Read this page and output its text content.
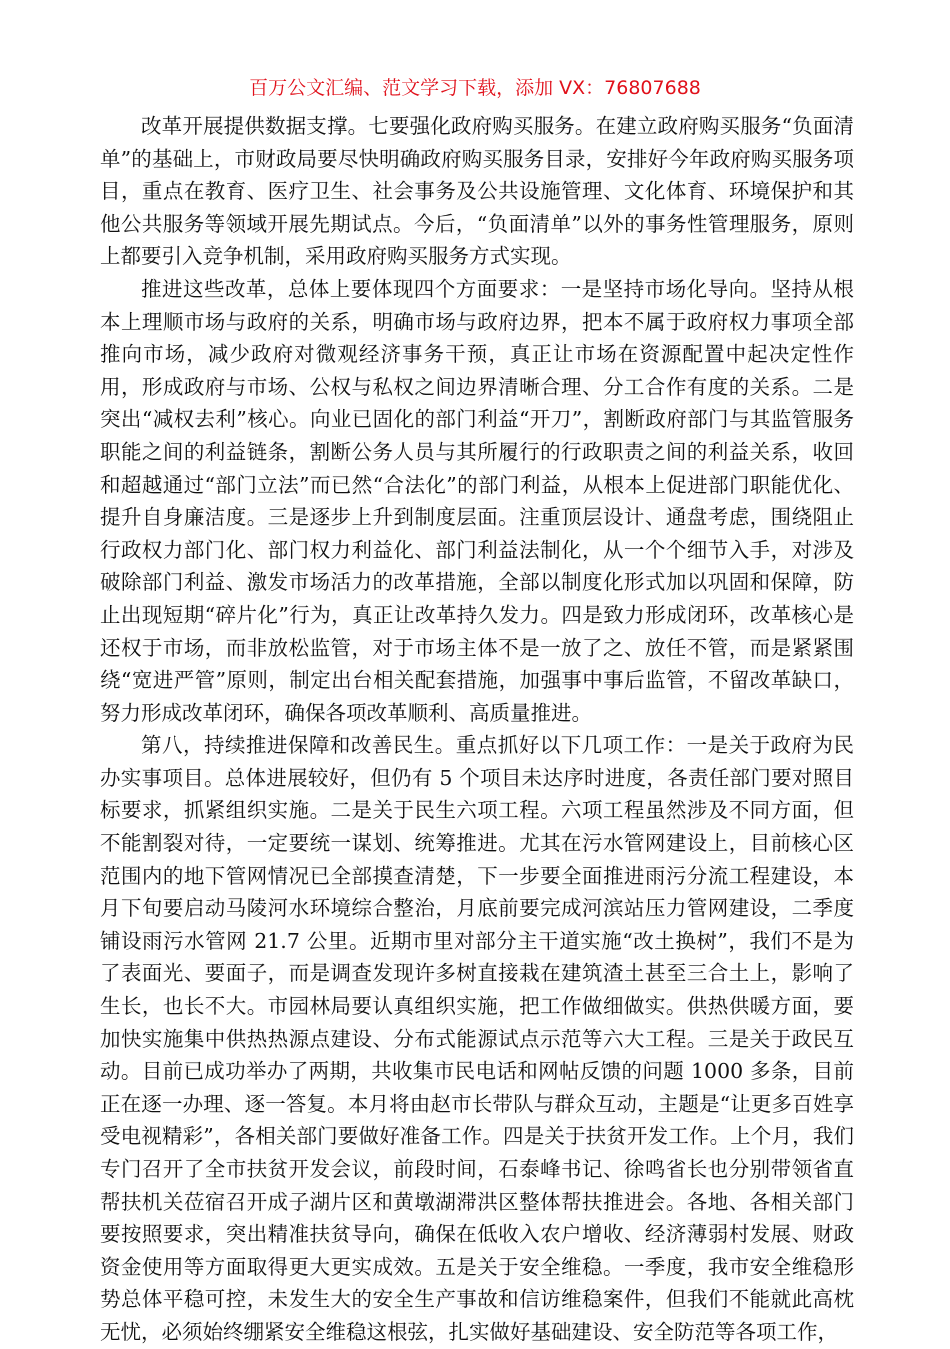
百万公文汇编、范文学习下载，添加 VX：76807688

改革开展提供数据支撑。七要强化政府购买服务。在建立政府购买服务“负面清单”的基础上，市财政局要尽快明确政府购买服务目录，安排好今年政府购买服务项目，重点在教育、医疗卫生、社会事务及公共设施管理、文化体育、环境保护和其他公共服务等领域开展先期试点。今后，“负面清单”以外的事务性管理服务，原则上都要引入竞争机制，采用政府购买服务方式实现。

推进这些改革，总体上要体现四个方面要求：一是坚持市场化导向。坚持从根本上理顺市场与政府的关系，明确市场与政府边界，把本不属于政府权力事项全部推向市场，减少政府对微观经济事务干预，真正让市场在资源配置中起决定性作用，形成政府与市场、公权与私权之间边界清晰合理、分工合作有度的关系。二是突出“减权去利”核心。向业已固化的部门利益“开刀”，割断政府部门与其监管服务职能之间的利益链条，割断公务人员与其所履行的行政职责之间的利益关系，收回和超越通过“部门立法”而已然“合法化”的部门利益，从根本上促进部门职能优化、提升自身廉洁度。三是逐步上升到制度层面。注重顶层设计、通盘考虑，围绕阻止行政权力部门化、部门权力利益化、部门利益法制化，从一个个细节入手，对涉及破除部门利益、激发市场活力的改革措施，全部以制度化形式加以巩固和保障，防止出现短期“碎片化”行为，真正让改革持久发力。四是致力形成闭环，改革核心是还权于市场，而非放松监管，对于市场主体不是一放了之、放任不管，而是紧紧围绕“宽进严管”原则，制定出台相关配套措施，加强事中事后监管，不留改革缺口，努力形成改革闭环，确保各项改革顺利、高质量推进。

第八，持续推进保障和改善民生。重点抓好以下几项工作：一是关于政府为民办实事项目。总体进展较好，但仍有 5 个项目未达序时进度，各责任部门要对照目标要求，抓紧组织实施。二是关于民生六项工程。六项工程虽然涉及不同方面，但不能割裂对待，一定要统一谋划、统筹推进。尤其在污水管网建设上，目前核心区范围内的地下管网情况已全部摸查清楚，下一步要全面推进雨污分流工程建设，本月下旬要启动马陵河水环境综合整治，月底前要完成河滨站压力管网建设，二季度铺设雨污水管网 21.7 公里。近期市里对部分主干道实施“改土换树”，我们不是为了表面光、要面子，而是调查发现许多树直接栽在建筑渣土甚至三合土上，影响了生长，也长不大。市园林局要认真组织实施，把工作做细做实。供热供暖方面，要加快实施集中供热热源点建设、分布式能源试点示范等六大工程。三是关于政民互动。目前已成功举办了两期，共收集市民电话和网帖反馈的问题 1000 多条，目前正在逐一办理、逐一答复。本月将由赵市长带队与群众互动，主题是“让更多百姓享受电视精彩”，各相关部门要做好准备工作。四是关于扶贫开发工作。上个月，我们专门召开了全市扶贫开发会议，前段时间，石泰峰书记、徐鸣省长也分别带领省直帮扶机关莅宿召开成子湖片区和黄墩湖滞洪区整体帮扶推进会。各地、各相关部门要按照要求，突出精准扶贫导向，确保在低收入农户增收、经济薄弱村发展、财政资金使用等方面取得更大更实成效。五是关于安全维稳。一季度，我市安全维稳形势总体平稳可控，未发生大的安全生产事故和信访维稳案件，但我们不能就此高枕无忧，必须始终绷紧安全维稳这根弦，扎实做好基础建设、安全防范等各项工作，
